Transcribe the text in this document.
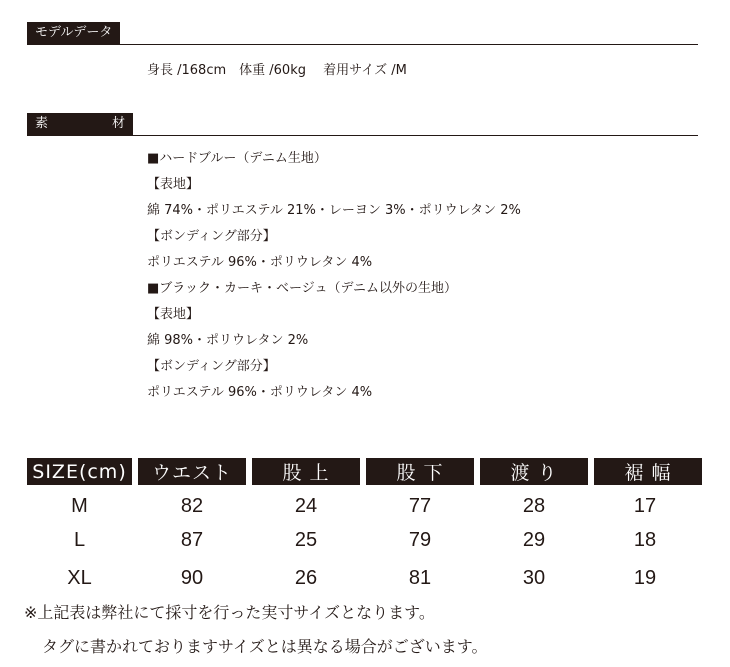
モデルデータ
身長 /168cm　体重 /60kg　 着用サイズ /M
素	材
■ハードブルー（デニム生地）
【表地】
綿 74%・ポリエステル 21%・レーヨン 3%・ポリウレタン 2%
【ボンディング部分】
ポリエステル 96%・ポリウレタン 4%
■ブラック・カーキ・ベージュ（デニム以外の生地）
【表地】
綿 98%・ポリウレタン 2%
【ボンディング部分】
ポリエステル 96%・ポリウレタン 4%
SIZE(cm)	ウエスト	股 上	股 下	渡 り	裾 幅
M	82	24	77	28	17
L	87	25	79	29	18
XL	90	26	81	30	19
※上記表は弊社にて採寸を行った実寸サイズとなります。
タグに書かれておりますサイズとは異なる場合がございます。
